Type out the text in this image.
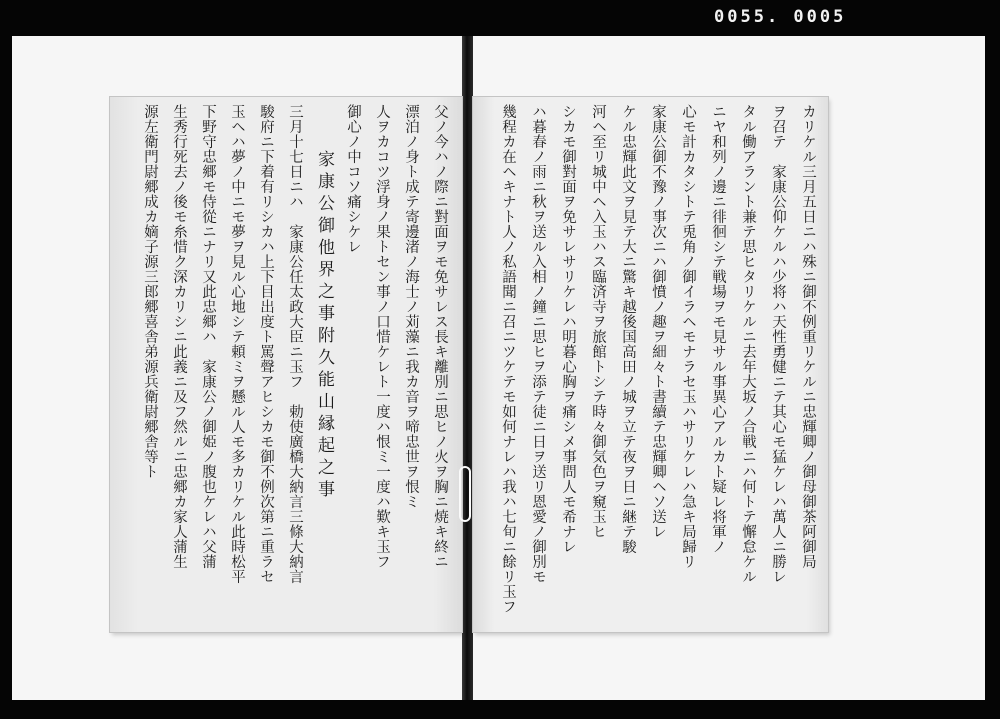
0055. 0005
カリケル三月五日ニハ殊ニ御不例重リケルニ忠輝卿ノ御母御茶阿御局
ヲ召テ　家康公仰ケルハ少将ハ天性勇健ニテ其心モ猛ケレハ萬人ニ勝レ
タル働アラント兼テ思ヒタリケルニ去年大坂ノ合戦ニハ何トテ懈怠ケル
ニヤ和列ノ邊ニ徘徊シテ戦場ヲモ見サル事異心アルカト疑レ将軍ノ
心モ計カタシトテ兎角ノ御イラヘモナラセ玉ハサリケレハ急キ局歸リ
家康公御不豫ノ事次ニハ御憤ノ趣ヲ細々ト書續テ忠輝卿ヘソ送レ
ケル忠輝此文ヲ見テ大ニ驚キ越後国高田ノ城ヲ立テ夜ヲ日ニ継テ駿
河ヘ至リ城中ヘ入玉ハス臨済寺ヲ旅館トシテ時々御気色ヲ窺玉ヒ
シカモ御對面ヲ免サレサリケレハ明暮心胸ヲ痛シメ事問人モ希ナレ
ハ暮春ノ雨ニ秋ヲ送ル入相ノ鐘ニ思ヒヲ添テ徒ニ日ヲ送リ恩愛ノ御別モ
幾程カ在ヘキナト人ノ私語聞ニ召ニツケテモ如何ナレハ我ハ七旬ニ餘リ玉フ
父ノ今ハノ際ニ對面ヲモ免サレス長キ離別ニ思ヒノ火ヲ胸ニ焼キ終ニ
漂泊ノ身ト成テ寄邊渚ノ海士ノ苅藻ニ我カ音ヲ啼忠世ヲ恨ミ
人ヲカコツ浮身ノ果トセン事ノ口惜ケレト一度ハ恨ミ一度ハ歎キ玉フ
御心ノ中コソ痛シケレ
家康公御他界之事附久能山縁起之事
三月十七日ニハ　家康公任太政大臣ニ玉フ　勅使廣橋大納言三條大納言
駿府ニ下着有リシカハ上下目出度ト罵聲アヒシカモ御不例次第ニ重ラセ
玉ヘハ夢ノ中ニモ夢ヲ見ル心地シテ頼ミヲ懸ル人モ多カリケル此時松平
下野守忠郷モ侍從ニナリ又此忠郷ハ　家康公ノ御姫ノ腹也ケレハ父蒲
生秀行死去ノ後モ糸惜ク深カリシニ此義ニ及フ然ルニ忠郷カ家人蒲生
源左衛門尉郷成カ嫡子源三郎郷喜舎弟源兵衛尉郷舎等ト
